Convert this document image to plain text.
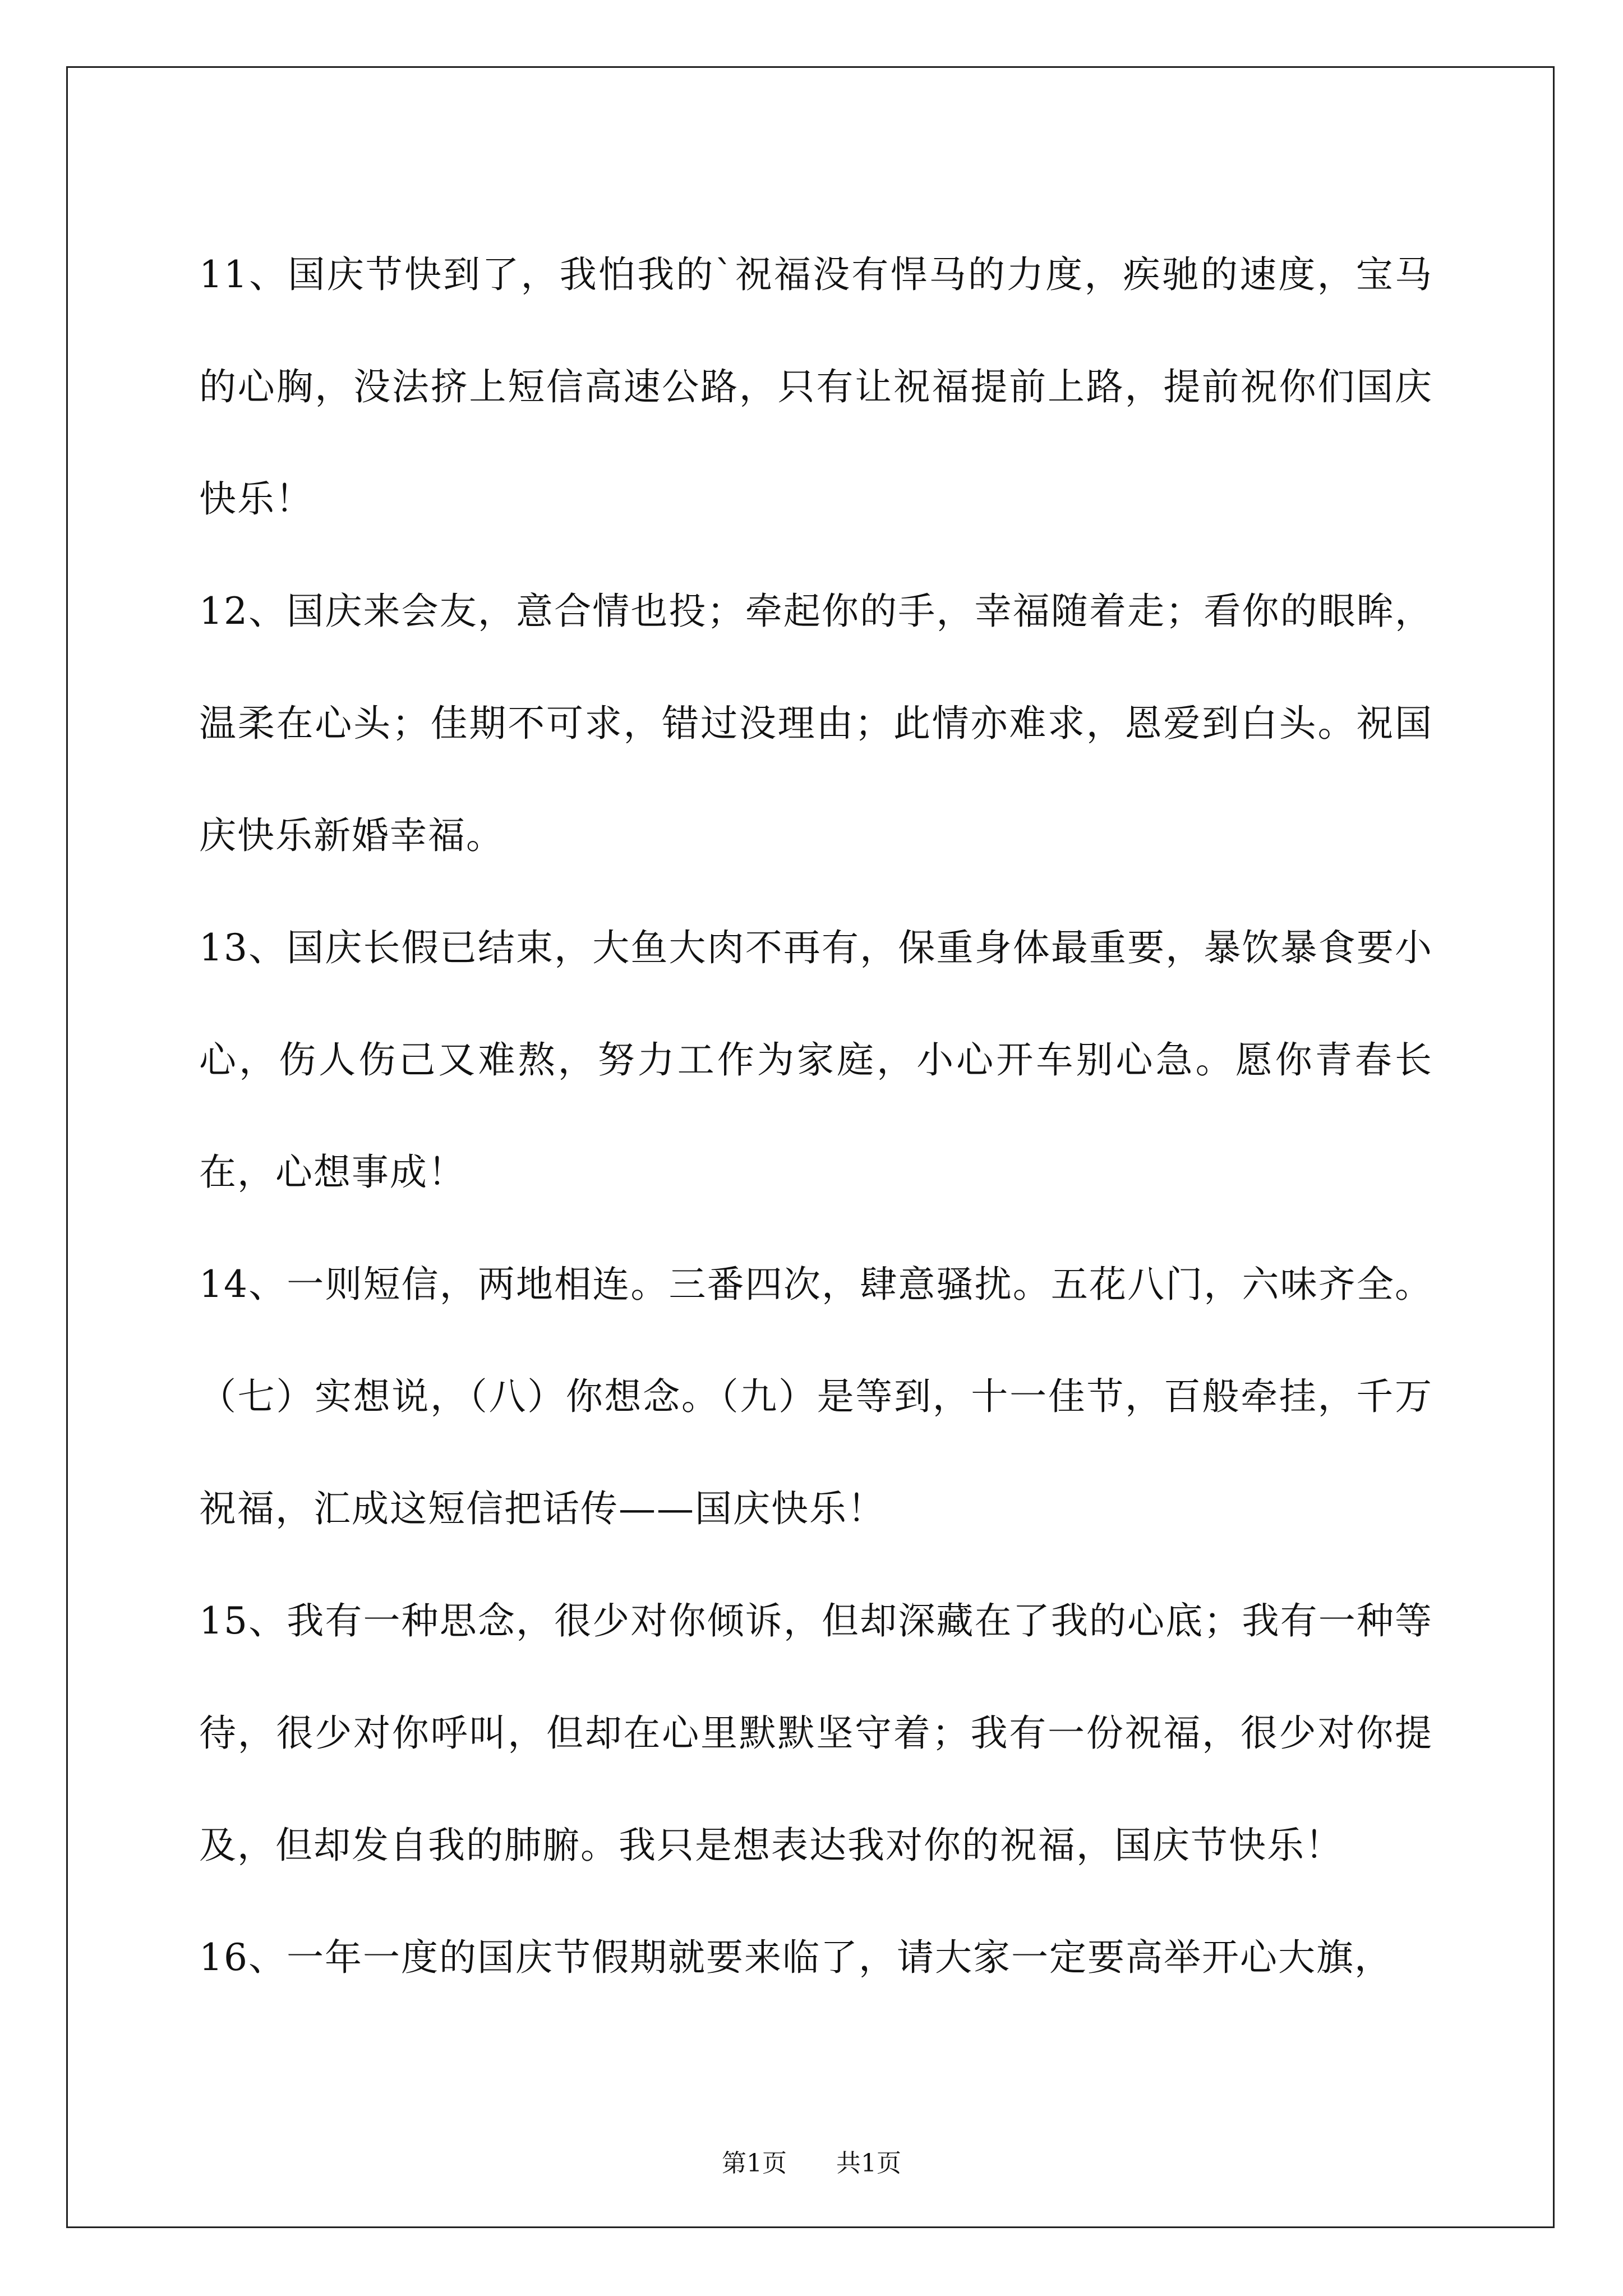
11、国庆节快到了，我怕我的`祝福没有悍马的力度，疾驰的速度，宝马的心胸，没法挤上短信高速公路，只有让祝福提前上路，提前祝你们国庆快乐！

12、国庆来会友，意合情也投；牵起你的手，幸福随着走；看你的眼眸，温柔在心头；佳期不可求，错过没理由；此情亦难求，恩爱到白头。祝国庆快乐新婚幸福。

13、国庆长假已结束，大鱼大肉不再有，保重身体最重要，暴饮暴食要小心，伤人伤己又难熬，努力工作为家庭，小心开车别心急。愿你青春长在，心想事成！

14、一则短信，两地相连。三番四次，肆意骚扰。五花八门，六味齐全。（七）实想说，（八）你想念。（九）是等到，十一佳节，百般牵挂，千万祝福，汇成这短信把话传——国庆快乐！

15、我有一种思念，很少对你倾诉，但却深藏在了我的心底；我有一种等待，很少对你呼叫，但却在心里默默坚守着；我有一份祝福，很少对你提及，但却发自我的肺腑。我只是想表达我对你的祝福，国庆节快乐！

16、一年一度的国庆节假期就要来临了，请大家一定要高举开心大旗，

第1页 共1页
